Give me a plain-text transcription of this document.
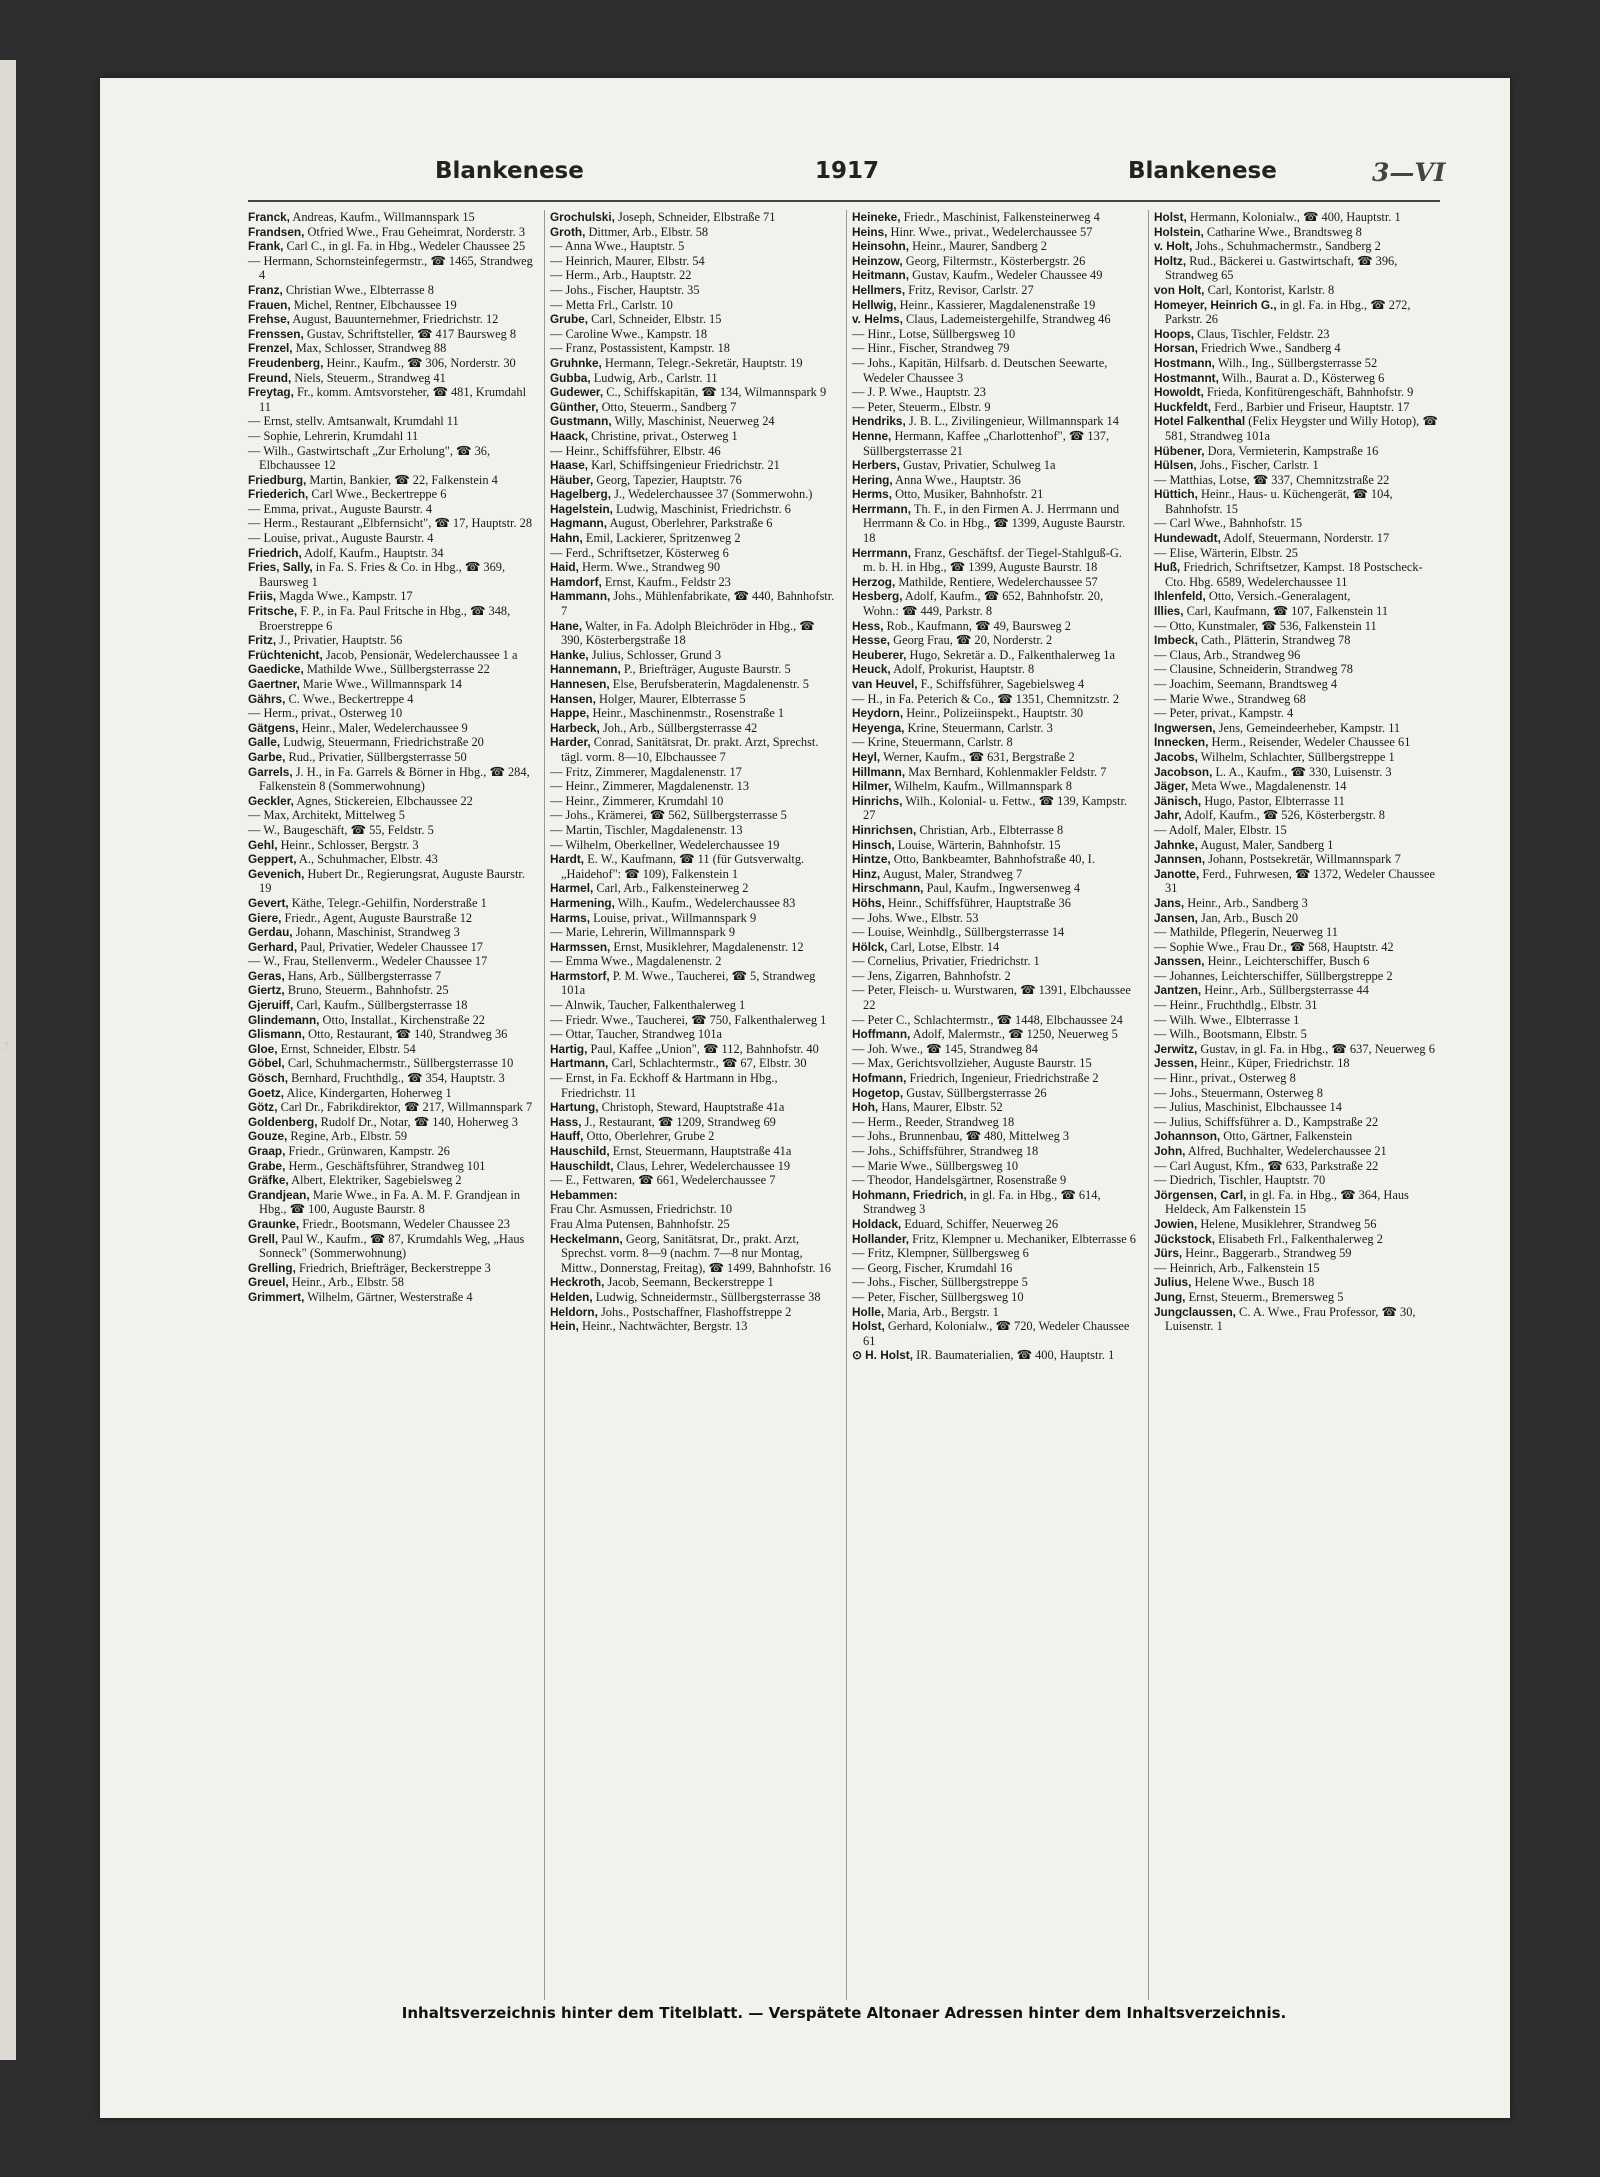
7
Blankenese	1917	Blankenese	3—VI

Franck, Andreas, Kaufm., Willmannspark 15

Frandsen, Otfried Wwe., Frau Geheimrat, Norderstr. 3

Frank, Carl C., in gl. Fa. in Hbg., Wedeler Chaussee 25

— Hermann, Schornsteinfegermstr., ☎ 1465, Strandweg 4

Franz, Christian Wwe., Elbterrasse 8

Frauen, Michel, Rentner, Elbchaussee 19

Frehse, August, Bauunternehmer, Friedrichstr. 12

Frenssen, Gustav, Schriftsteller, ☎ 417 Baursweg 8

Frenzel, Max, Schlosser, Strandweg 88

Freudenberg, Heinr., Kaufm., ☎ 306, Norderstr. 30

Freund, Niels, Steuerm., Strandweg 41

Freytag, Fr., komm. Amtsvorsteher, ☎ 481, Krumdahl 11

— Ernst, stellv. Amtsanwalt, Krumdahl 11

— Sophie, Lehrerin, Krumdahl 11

— Wilh., Gastwirtschaft „Zur Erholung", ☎ 36, Elbchaussee 12

Friedburg, Martin, Bankier, ☎ 22, Falkenstein 4

Friederich, Carl Wwe., Beckertreppe 6

— Emma, privat., Auguste Baurstr. 4

— Herm., Restaurant „Elbfernsicht", ☎ 17, Hauptstr. 28

— Louise, privat., Auguste Baurstr. 4

Friedrich, Adolf, Kaufm., Hauptstr. 34

Fries, Sally, in Fa. S. Fries & Co. in Hbg., ☎ 369, Baursweg 1

Friis, Magda Wwe., Kampstr. 17

Fritsche, F. P., in Fa. Paul Fritsche in Hbg., ☎ 348, Broerstreppe 6

Fritz, J., Privatier, Hauptstr. 56

Früchtenicht, Jacob, Pensionär, Wedelerchaussee 1 a

Gaedicke, Mathilde Wwe., Süllbergsterrasse 22

Gaertner, Marie Wwe., Willmannspark 14

Gährs, C. Wwe., Beckertreppe 4

— Herm., privat., Osterweg 10

Gätgens, Heinr., Maler, Wedelerchaussee 9

Galle, Ludwig, Steuermann, Friedrichstraße 20

Garbe, Rud., Privatier, Süllbergsterrasse 50

Garrels, J. H., in Fa. Garrels & Börner in Hbg., ☎ 284, Falkenstein 8 (Sommerwohnung)

Geckler, Agnes, Stickereien, Elbchaussee 22

— Max, Architekt, Mittelweg 5

— W., Baugeschäft, ☎ 55, Feldstr. 5

Gehl, Heinr., Schlosser, Bergstr. 3

Geppert, A., Schuhmacher, Elbstr. 43

Gevenich, Hubert Dr., Regierungsrat, Auguste Baurstr. 19

Gevert, Käthe, Telegr.-Gehilfin, Norderstraße 1

Giere, Friedr., Agent, Auguste Baurstraße 12

Gerdau, Johann, Maschinist, Strandweg 3

Gerhard, Paul, Privatier, Wedeler Chaussee 17

— W., Frau, Stellenverm., Wedeler Chaussee 17

Geras, Hans, Arb., Süllbergsterrasse 7

Giertz, Bruno, Steuerm., Bahnhofstr. 25

Gjeruiff, Carl, Kaufm., Süllbergsterrasse 18

Glindemann, Otto, Installat., Kirchenstraße 22

Glismann, Otto, Restaurant, ☎ 140, Strandweg 36

Gloe, Ernst, Schneider, Elbstr. 54

Göbel, Carl, Schuhmachermstr., Süllbergsterrasse 10

Gösch, Bernhard, Fruchthdlg., ☎ 354, Hauptstr. 3

Goetz, Alice, Kindergarten, Hoherweg 1

Götz, Carl Dr., Fabrikdirektor, ☎ 217, Willmannspark 7

Goldenberg, Rudolf Dr., Notar, ☎ 140, Hoherweg 3

Gouze, Regine, Arb., Elbstr. 59

Graap, Friedr., Grünwaren, Kampstr. 26

Grabe, Herm., Geschäftsführer, Strandweg 101

Gräfke, Albert, Elektriker, Sagebielsweg 2

Grandjean, Marie Wwe., in Fa. A. M. F. Grandjean in Hbg., ☎ 100, Auguste Baurstr. 8

Graunke, Friedr., Bootsmann, Wedeler Chaussee 23

Grell, Paul W., Kaufm., ☎ 87, Krumdahls Weg, „Haus Sonneck" (Sommerwohnung)

Grelling, Friedrich, Briefträger, Beckerstreppe 3

Greuel, Heinr., Arb., Elbstr. 58

Grimmert, Wilhelm, Gärtner, Westerstraße 4

Grochulski, Joseph, Schneider, Elbstraße 71

Groth, Dittmer, Arb., Elbstr. 58

— Anna Wwe., Hauptstr. 5

— Heinrich, Maurer, Elbstr. 54

— Herm., Arb., Hauptstr. 22

— Johs., Fischer, Hauptstr. 35

— Metta Frl., Carlstr. 10

Grube, Carl, Schneider, Elbstr. 15

— Caroline Wwe., Kampstr. 18

— Franz, Postassistent, Kampstr. 18

Gruhnke, Hermann, Telegr.-Sekretär, Hauptstr. 19

Gubba, Ludwig, Arb., Carlstr. 11

Gudewer, C., Schiffskapitän, ☎ 134, Wilmannspark 9

Günther, Otto, Steuerm., Sandberg 7

Gustmann, Willy, Maschinist, Neuerweg 24

Haack, Christine, privat., Osterweg 1

— Heinr., Schiffsführer, Elbstr. 46

Haase, Karl, Schiffsingenieur Friedrichstr. 21

Häuber, Georg, Tapezier, Hauptstr. 76

Hagelberg, J., Wedelerchaussee 37 (Sommerwohn.)

Hagelstein, Ludwig, Maschinist, Friedrichstr. 6

Hagmann, August, Oberlehrer, Parkstraße 6

Hahn, Emil, Lackierer, Spritzenweg 2

— Ferd., Schriftsetzer, Kösterweg 6

Haid, Herm. Wwe., Strandweg 90

Hamdorf, Ernst, Kaufm., Feldstr 23

Hammann, Johs., Mühlenfabrikate, ☎ 440, Bahnhofstr. 7

Hane, Walter, in Fa. Adolph Bleichröder in Hbg., ☎ 390, Kösterbergstraße 18

Hanke, Julius, Schlosser, Grund 3

Hannemann, P., Briefträger, Auguste Baurstr. 5

Hannesen, Else, Berufsberaterin, Magdalenenstr. 5

Hansen, Holger, Maurer, Elbterrasse 5

Happe, Heinr., Maschinenmstr., Rosenstraße 1

Harbeck, Joh., Arb., Süllbergsterrasse 42

Harder, Conrad, Sanitätsrat, Dr. prakt. Arzt, Sprechst. tägl. vorm. 8—10, Elbchaussee 7

— Fritz, Zimmerer, Magdalenenstr. 17

— Heinr., Zimmerer, Magdalenenstr. 13

— Heinr., Zimmerer, Krumdahl 10

— Johs., Krämerei, ☎ 562, Süllbergsterrasse 5

— Martin, Tischler, Magdalenenstr. 13

— Wilhelm, Oberkellner, Wedelerchaussee 19

Hardt, E. W., Kaufmann, ☎ 11 (für Gutsverwaltg. „Haidehof": ☎ 109), Falkenstein 1

Harmel, Carl, Arb., Falkensteinerweg 2

Harmening, Wilh., Kaufm., Wedelerchaussee 83

Harms, Louise, privat., Willmannspark 9

— Marie, Lehrerin, Willmannspark 9

Harmssen, Ernst, Musiklehrer, Magdalenenstr. 12

— Emma Wwe., Magdalenenstr. 2

Harmstorf, P. M. Wwe., Taucherei, ☎ 5, Strandweg 101a

— Alnwik, Taucher, Falkenthalerweg 1

— Friedr. Wwe., Taucherei, ☎ 750, Falkenthalerweg 1

— Ottar, Taucher, Strandweg 101a

Hartig, Paul, Kaffee „Union", ☎ 112, Bahnhofstr. 40

Hartmann, Carl, Schlachtermstr., ☎ 67, Elbstr. 30

— Ernst, in Fa. Eckhoff & Hartmann in Hbg., Friedrichstr. 11

Hartung, Christoph, Steward, Hauptstraße 41a

Hass, J., Restaurant, ☎ 1209, Strandweg 69

Hauff, Otto, Oberlehrer, Grube 2

Hauschild, Ernst, Steuermann, Hauptstraße 41a

Hauschildt, Claus, Lehrer, Wedelerchaussee 19

— E., Fettwaren, ☎ 661, Wedelerchaussee 7

Hebammen:

Frau Chr. Asmussen, Friedrichstr. 10

Frau Alma Putensen, Bahnhofstr. 25

Heckelmann, Georg, Sanitätsrat, Dr., prakt. Arzt, Sprechst. vorm. 8—9 (nachm. 7—8 nur Montag, Mittw., Donnerstag, Freitag), ☎ 1499, Bahnhofstr. 16

Heckroth, Jacob, Seemann, Beckerstreppe 1

Helden, Ludwig, Schneidermstr., Süllbergsterrasse 38

Heldorn, Johs., Postschaffner, Flashoffstreppe 2

Hein, Heinr., Nachtwächter, Bergstr. 13

Heineke, Friedr., Maschinist, Falkensteinerweg 4

Heins, Hinr. Wwe., privat., Wedelerchaussee 57

Heinsohn, Heinr., Maurer, Sandberg 2

Heinzow, Georg, Filtermstr., Kösterbergstr. 26

Heitmann, Gustav, Kaufm., Wedeler Chaussee 49

Hellmers, Fritz, Revisor, Carlstr. 27

Hellwig, Heinr., Kassierer, Magdalenenstraße 19

v. Helms, Claus, Lademeistergehilfe, Strandweg 46

— Hinr., Lotse, Süllbergsweg 10

— Hinr., Fischer, Strandweg 79

— Johs., Kapitän, Hilfsarb. d. Deutschen Seewarte, Wedeler Chaussee 3

— J. P. Wwe., Hauptstr. 23

— Peter, Steuerm., Elbstr. 9

Hendriks, J. B. L., Zivilingenieur, Willmannspark 14

Henne, Hermann, Kaffee „Charlottenhof", ☎ 137, Süllbergsterrasse 21

Herbers, Gustav, Privatier, Schulweg 1a

Hering, Anna Wwe., Hauptstr. 36

Herms, Otto, Musiker, Bahnhofstr. 21

Herrmann, Th. F., in den Firmen A. J. Herrmann und Herrmann & Co. in Hbg., ☎ 1399, Auguste Baurstr. 18

Herrmann, Franz, Geschäftsf. der Tiegel-Stahlguß-G. m. b. H. in Hbg., ☎ 1399, Auguste Baurstr. 18

Herzog, Mathilde, Rentiere, Wedelerchaussee 57

Hesberg, Adolf, Kaufm., ☎ 652, Bahnhofstr. 20, Wohn.: ☎ 449, Parkstr. 8

Hess, Rob., Kaufmann, ☎ 49, Baursweg 2

Hesse, Georg Frau, ☎ 20, Norderstr. 2

Heuberer, Hugo, Sekretär a. D., Falkenthalerweg 1a

Heuck, Adolf, Prokurist, Hauptstr. 8

van Heuvel, F., Schiffsführer, Sagebielsweg 4

— H., in Fa. Peterich & Co., ☎ 1351, Chemnitzstr. 2

Heydorn, Heinr., Polizeiinspekt., Hauptstr. 30

Heyenga, Krine, Steuermann, Carlstr. 3

— Krine, Steuermann, Carlstr. 8

Heyl, Werner, Kaufm., ☎ 631, Bergstraße 2

Hillmann, Max Bernhard, Kohlenmakler Feldstr. 7

Hilmer, Wilhelm, Kaufm., Willmannspark 8

Hinrichs, Wilh., Kolonial- u. Fettw., ☎ 139, Kampstr. 27

Hinrichsen, Christian, Arb., Elbterrasse 8

Hinsch, Louise, Wärterin, Bahnhofstr. 15

Hintze, Otto, Bankbeamter, Bahnhofstraße 40, I.

Hinz, August, Maler, Strandweg 7

Hirschmann, Paul, Kaufm., Ingwersenweg 4

Höhs, Heinr., Schiffsführer, Hauptstraße 36

— Johs. Wwe., Elbstr. 53

— Louise, Weinhdlg., Süllbergsterrasse 14

Hölck, Carl, Lotse, Elbstr. 14

— Cornelius, Privatier, Friedrichstr. 1

— Jens, Zigarren, Bahnhofstr. 2

— Peter, Fleisch- u. Wurstwaren, ☎ 1391, Elbchaussee 22

— Peter C., Schlachtermstr., ☎ 1448, Elbchaussee 24

Hoffmann, Adolf, Malermstr., ☎ 1250, Neuerweg 5

— Joh. Wwe., ☎ 145, Strandweg 84

— Max, Gerichtsvollzieher, Auguste Baurstr. 15

Hofmann, Friedrich, Ingenieur, Friedrichstraße 2

Hogetop, Gustav, Süllbergsterrasse 26

Hoh, Hans, Maurer, Elbstr. 52

— Herm., Reeder, Strandweg 18

— Johs., Brunnenbau, ☎ 480, Mittelweg 3

— Johs., Schiffsführer, Strandweg 18

— Marie Wwe., Süllbergsweg 10

— Theodor, Handelsgärtner, Rosenstraße 9

Hohmann, Friedrich, in gl. Fa. in Hbg., ☎ 614, Strandweg 3

Holdack, Eduard, Schiffer, Neuerweg 26

Hollander, Fritz, Klempner u. Mechaniker, Elbterrasse 6

— Fritz, Klempner, Süllbergsweg 6

— Georg, Fischer, Krumdahl 16

— Johs., Fischer, Süllbergstreppe 5

— Peter, Fischer, Süllbergsweg 10

Holle, Maria, Arb., Bergstr. 1

Holst, Gerhard, Kolonialw., ☎ 720, Wedeler Chaussee 61

⊙ H. Holst, IR. Baumaterialien, ☎ 400, Hauptstr. 1

Holst, Hermann, Kolonialw., ☎ 400, Hauptstr. 1

Holstein, Catharine Wwe., Brandtsweg 8

v. Holt, Johs., Schuhmachermstr., Sandberg 2

Holtz, Rud., Bäckerei u. Gastwirtschaft, ☎ 396, Strandweg 65

von Holt, Carl, Kontorist, Karlstr. 8

Homeyer, Heinrich G., in gl. Fa. in Hbg., ☎ 272, Parkstr. 26

Hoops, Claus, Tischler, Feldstr. 23

Horsan, Friedrich Wwe., Sandberg 4

Hostmann, Wilh., Ing., Süllbergsterrasse 52

Hostmannt, Wilh., Baurat a. D., Kösterweg 6

Howoldt, Frieda, Konfitürengeschäft, Bahnhofstr. 9

Huckfeldt, Ferd., Barbier und Friseur, Hauptstr. 17

Hotel Falkenthal (Felix Heygster und Willy Hotop), ☎ 581, Strandweg 101a

Hübener, Dora, Vermieterin, Kampstraße 16

Hülsen, Johs., Fischer, Carlstr. 1

— Matthias, Lotse, ☎ 337, Chemnitzstraße 22

Hüttich, Heinr., Haus- u. Küchengerät, ☎ 104, Bahnhofstr. 15

— Carl Wwe., Bahnhofstr. 15

Hundewadt, Adolf, Steuermann, Norderstr. 17

— Elise, Wärterin, Elbstr. 25

Huß, Friedrich, Schriftsetzer, Kampst. 18 Postscheck-Cto. Hbg. 6589, Wedelerchaussee 11

Ihlenfeld, Otto, Versich.-Generalagent,

Illies, Carl, Kaufmann, ☎ 107, Falkenstein 11

— Otto, Kunstmaler, ☎ 536, Falkenstein 11

Imbeck, Cath., Plätterin, Strandweg 78

— Claus, Arb., Strandweg 96

— Clausine, Schneiderin, Strandweg 78

— Joachim, Seemann, Brandtsweg 4

— Marie Wwe., Strandweg 68

— Peter, privat., Kampstr. 4

Ingwersen, Jens, Gemeindeerheber, Kampstr. 11

Innecken, Herm., Reisender, Wedeler Chaussee 61

Jacobs, Wilhelm, Schlachter, Süllbergstreppe 1

Jacobson, L. A., Kaufm., ☎ 330, Luisenstr. 3

Jäger, Meta Wwe., Magdalenenstr. 14

Jänisch, Hugo, Pastor, Elbterrasse 11

Jahr, Adolf, Kaufm., ☎ 526, Kösterbergstr. 8

— Adolf, Maler, Elbstr. 15

Jahnke, August, Maler, Sandberg 1

Jannsen, Johann, Postsekretär, Willmannspark 7

Janotte, Ferd., Fuhrwesen, ☎ 1372, Wedeler Chaussee 31

Jans, Heinr., Arb., Sandberg 3

Jansen, Jan, Arb., Busch 20

— Mathilde, Pflegerin, Neuerweg 11

— Sophie Wwe., Frau Dr., ☎ 568, Hauptstr. 42

Janssen, Heinr., Leichterschiffer, Busch 6

— Johannes, Leichterschiffer, Süllbergstreppe 2

Jantzen, Heinr., Arb., Süllbergsterrasse 44

— Heinr., Fruchthdlg., Elbstr. 31

— Wilh. Wwe., Elbterrasse 1

— Wilh., Bootsmann, Elbstr. 5

Jerwitz, Gustav, in gl. Fa. in Hbg., ☎ 637, Neuerweg 6

Jessen, Heinr., Küper, Friedrichstr. 18

— Hinr., privat., Osterweg 8

— Johs., Steuermann, Osterweg 8

— Julius, Maschinist, Elbchaussee 14

— Julius, Schiffsführer a. D., Kampstraße 22

Johannson, Otto, Gärtner, Falkenstein

John, Alfred, Buchhalter, Wedelerchaussee 21

— Carl August, Kfm., ☎ 633, Parkstraße 22

— Diedrich, Tischler, Hauptstr. 70

Jörgensen, Carl, in gl. Fa. in Hbg., ☎ 364, Haus Heldeck, Am Falkenstein 15

Jowien, Helene, Musiklehrer, Strandweg 56

Jückstock, Elisabeth Frl., Falkenthalerweg 2

Jürs, Heinr., Baggerarb., Strandweg 59

— Heinrich, Arb., Falkenstein 15

Julius, Helene Wwe., Busch 18

Jung, Ernst, Steuerm., Bremersweg 5

Jungclaussen, C. A. Wwe., Frau Professor, ☎ 30, Luisenstr. 1

Inhaltsverzeichnis hinter dem Titelblatt. — Verspätete Altonaer Adressen hinter dem Inhaltsverzeichnis.
